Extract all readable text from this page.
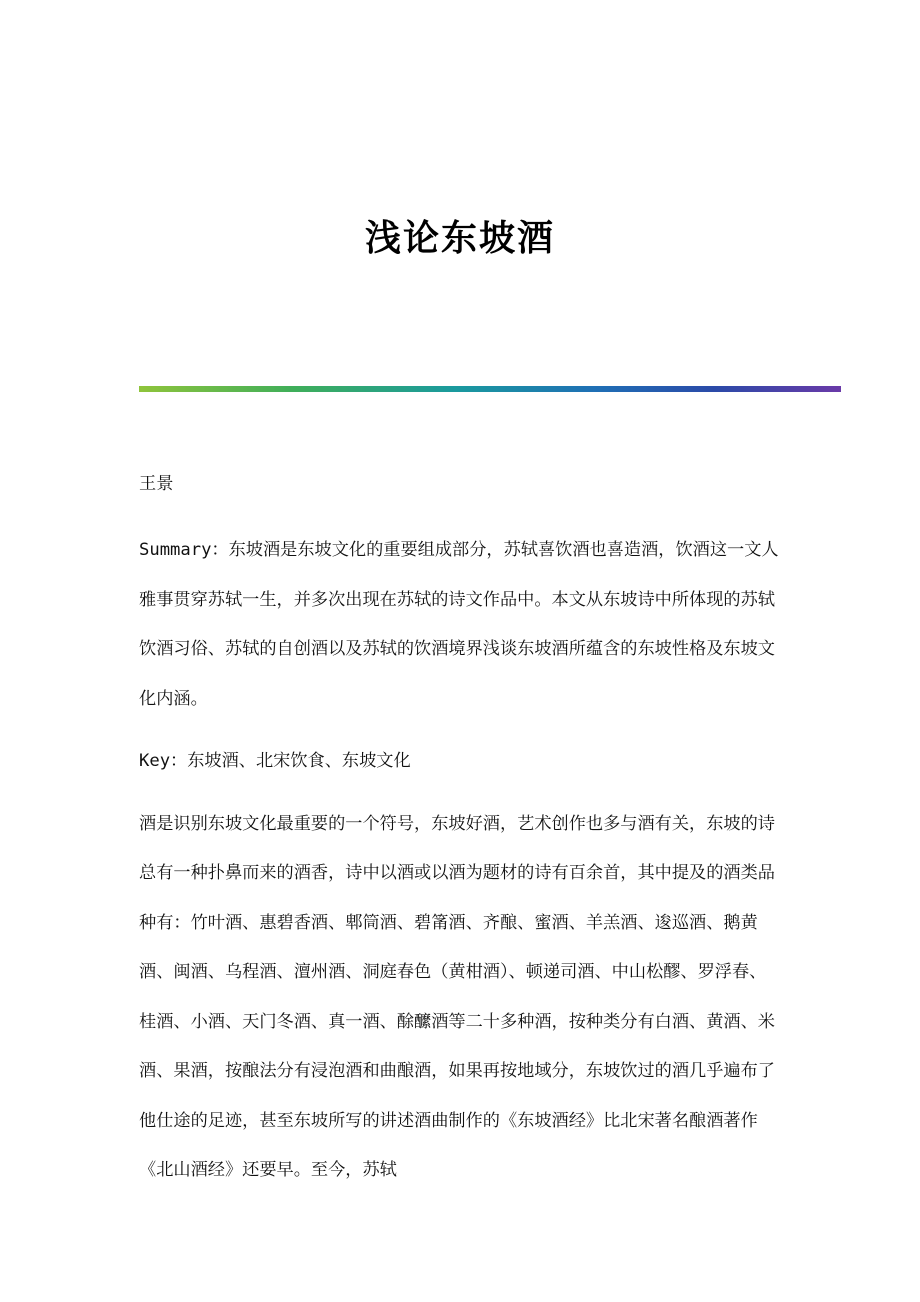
浅论东坡酒
王景
Summary：东坡酒是东坡文化的重要组成部分，苏轼喜饮酒也喜造酒，饮酒这一文人雅事贯穿苏轼一生，并多次出现在苏轼的诗文作品中。本文从东坡诗中所体现的苏轼饮酒习俗、苏轼的自创酒以及苏轼的饮酒境界浅谈东坡酒所蕴含的东坡性格及东坡文化内涵。
Key：东坡酒、北宋饮食、东坡文化
酒是识别东坡文化最重要的一个符号，东坡好酒，艺术创作也多与酒有关，东坡的诗总有一种扑鼻而来的酒香，诗中以酒或以酒为题材的诗有百余首，其中提及的酒类品种有：竹叶酒、惠碧香酒、郫筒酒、碧筩酒、齐酿、蜜酒、羊羔酒、逡巡酒、鹅黄酒、闽酒、乌程酒、澶州酒、洞庭春色（黄柑酒）、顿递司酒、中山松醪、罗浮春、桂酒、小酒、天门冬酒、真一酒、酴醿酒等二十多种酒，按种类分有白酒、黄酒、米酒、果酒，按酿法分有浸泡酒和曲酿酒，如果再按地域分，东坡饮过的酒几乎遍布了他仕途的足迹，甚至东坡所写的讲述酒曲制作的《东坡酒经》比北宋著名酿酒著作《北山酒经》还要早。至今，苏轼
